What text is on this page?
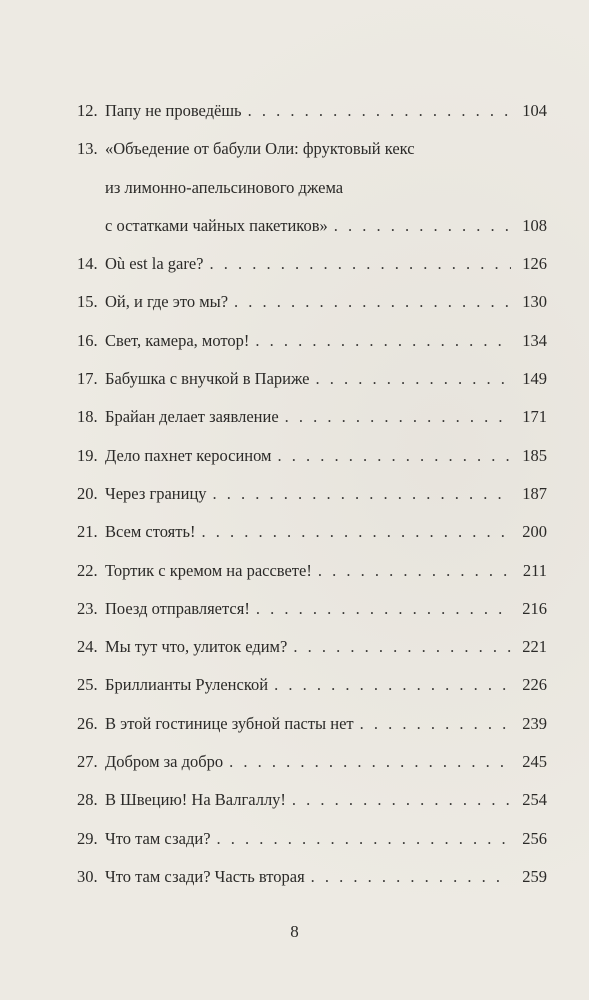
12. Папу не проведёшь . . .	104
13. «Объедение от бабули Оли: фруктовый кекс
из лимонно-апельсинового джема
с остатками чайных пакетиков» . . .	108
14. Où est la gare? . . .	126
15. Ой, и где это мы? . . .	130
16. Свет, камера, мотор! . . .	134
17. Бабушка с внучкой в Париже . . .	149
18. Брайан делает заявление . . .	171
19. Дело пахнет керосином . . .	185
20. Через границу . . .	187
21. Всем стоять! . . .	200
22. Тортик с кремом на рассвете! . . .	211
23. Поезд отправляется! . . .	216
24. Мы тут что, улиток едим? . . .	221
25. Бриллианты Руленской . . .	226
26. В этой гостинице зубной пасты нет . . .	239
27. Добром за добро . . .	245
28. В Швецию! На Валгаллу! . . .	254
29. Что там сзади? . . .	256
30. Что там сзади? Часть вторая . . .	259
8
